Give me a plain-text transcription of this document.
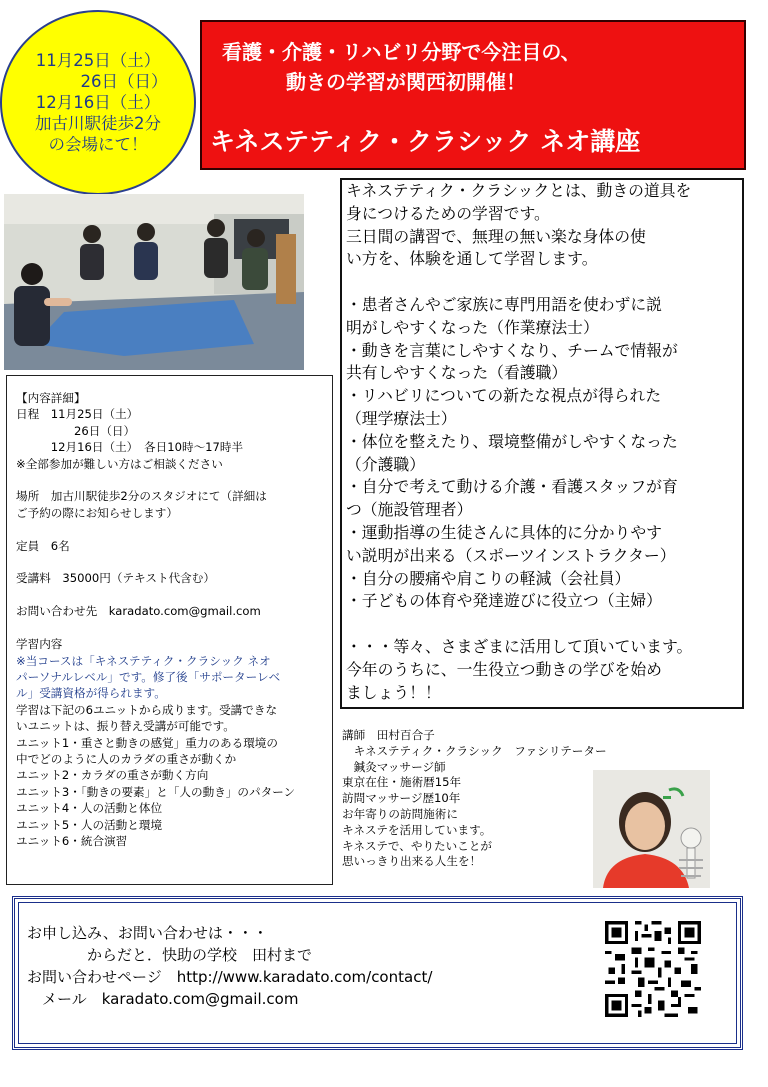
11月25日（土）
26日（日）
12月16日（土）
加古川駅徒歩2分
の会場にて！
看護・介護・リハビリ分野で今注目の、
動きの学習が関西初開催！
キネステティク・クラシック ネオ講座
【内容詳細】
日程　11月25日（土）
　　　　　26日（日）
　　　12月16日（土）　各日10時～17時半
※全部参加が難しい方はご相談ください

場所　加古川駅徒歩2分のスタジオにて（詳細は
ご予約の際にお知らせします）

定員　6名

受講料　35000円（テキスト代含む）

お問い合わせ先　karadato.com@gmail.com

学習内容
※当コースは「キネステティク・クラシック ネオ
パーソナルレベル」です。修了後「サポーターレベ
ル」受講資格が得られます。
学習は下記の6ユニットから成ります。受講できな
いユニットは、振り替え受講が可能です。
ユニット1・重さと動きの感覚」重力のある環境の
中でどのように人のカラダの重さが動くか
ユニット2・カラダの重さが動く方向
ユニット3・「動きの要素」と「人の動き」のパターン
ユニット4・人の活動と体位
ユニット5・人の活動と環境
ユニット6・統合演習
キネステティク・クラシックとは、動きの道具を
身につけるための学習です。
三日間の講習で、無理の無い楽な身体の使
い方を、体験を通して学習します。

・患者さんやご家族に専門用語を使わずに説
明がしやすくなった（作業療法士）
・動きを言葉にしやすくなり、チームで情報が
共有しやすくなった（看護職）
・リハビリについての新たな視点が得られた
（理学療法士）
・体位を整えたり、環境整備がしやすくなった
（介護職）
・自分で考えて動ける介護・看護スタッフが育
つ（施設管理者）
・運動指導の生徒さんに具体的に分かりやす
い説明が出来る（スポーツインストラクター）
・自分の腰痛や肩こりの軽減（会社員）
・子どもの体育や発達遊びに役立つ（主婦）

・・・等々、さまざまに活用して頂いています。
今年のうちに、一生役立つ動きの学びを始め
ましょう！！
講師　田村百合子
　キネステティク・クラシック　ファシリテーター
　鍼灸マッサージ師
東京在住・施術暦15年
訪問マッサージ歴10年
お年寄りの訪問施術に
キネステを活用しています。
キネステで、やりたいことが
思いっきり出来る人生を！
お申し込み、お問い合わせは・・・
　　　　からだと．快助の学校　田村まで
お問い合わせページ　http://www.karadato.com/contact/
　メール　karadato.com@gmail.com
